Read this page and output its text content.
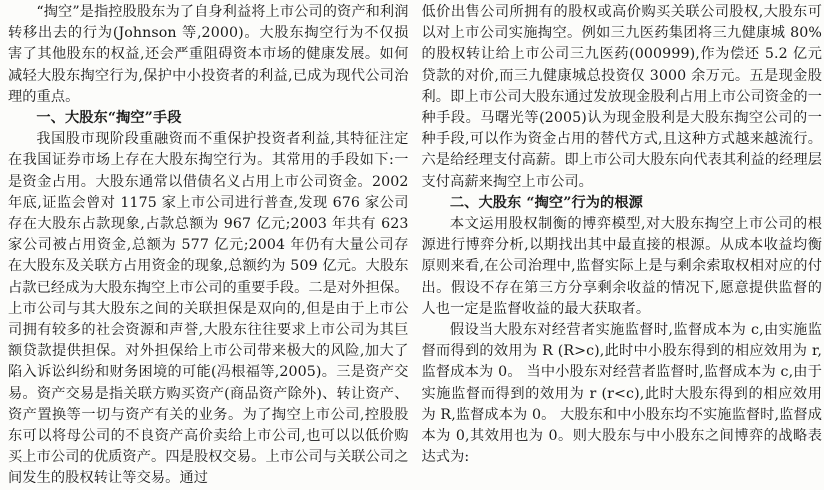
“掏空”是指控股股东为了自身利益将上市公司的资产和利润转移出去的行为(Johnson 等,2000)。大股东掏空行为不仅损害了其他股东的权益,还会严重阻碍资本市场的健康发展。如何减轻大股东掏空行为,保护中小投资者的利益,已成为现代公司治理的重点。

一、大股东“掏空”手段

我国股市现阶段重融资而不重保护投资者利益,其特征注定在我国证券市场上存在大股东掏空行为。其常用的手段如下:一是资金占用。大股东通常以借债名义占用上市公司资金。2002 年底,证监会曾对 1175 家上市公司进行普查,发现 676 家公司存在大股东占款现象,占款总额为 967 亿元;2003 年共有 623 家公司被占用资金,总额为 577 亿元;2004 年仍有大量公司存在大股东及关联方占用资金的现象,总额约为 509 亿元。大股东占款已经成为大股东掏空上市公司的重要手段。二是对外担保。上市公司与其大股东之间的关联担保是双向的,但是由于上市公司拥有较多的社会资源和声誉,大股东往往要求上市公司为其巨额贷款提供担保。对外担保给上市公司带来极大的风险,加大了陷入诉讼纠纷和财务困境的可能(冯根福等,2005)。三是资产交易。资产交易是指关联方购买资产(商品资产除外)、转让资产、资产置换等一切与资产有关的业务。为了掏空上市公司,控股股东可以将母公司的不良资产高价卖给上市公司,也可以以低价购买上市公司的优质资产。四是股权交易。上市公司与关联公司之间发生的股权转让等交易。通过

低价出售公司所拥有的股权或高价购买关联公司股权,大股东可以对上市公司实施掏空。例如三九医药集团将三九健康城 80%的股权转让给上市公司三九医药(000999),作为偿还 5.2 亿元贷款的对价,而三九健康城总投资仅 3000 余万元。五是现金股利。即上市公司大股东通过发放现金股利占用上市公司资金的一种手段。马曙光等(2005)认为现金股利是大股东掏空公司的一种手段,可以作为资金占用的替代方式,且这种方式越来越流行。六是给经理支付高薪。即上市公司大股东向代表其利益的经理层支付高薪来掏空上市公司。

二、大股东 “掏空”行为的根源

本文运用股权制衡的博弈模型,对大股东掏空上市公司的根源进行博弈分析,以期找出其中最直接的根源。从成本收益均衡原则来看,在公司治理中,监督实际上是与剩余索取权相对应的付出。假设不存在第三方分享剩余收益的情况下,愿意提供监督的人也一定是监督收益的最大获取者。

假设当大股东对经营者实施监督时,监督成本为 c,由实施监督而得到的效用为 R (R>c),此时中小股东得到的相应效用为 r,监督成本为 0。 当中小股东对经营者监督时,监督成本为 c,由于实施监督而得到的效用为 r (r<c),此时大股东得到的相应效用为 R,监督成本为 0。 大股东和中小股东均不实施监督时,监督成本为 0,其效用也为 0。则大股东与中小股东之间博弈的战略表达式为:
